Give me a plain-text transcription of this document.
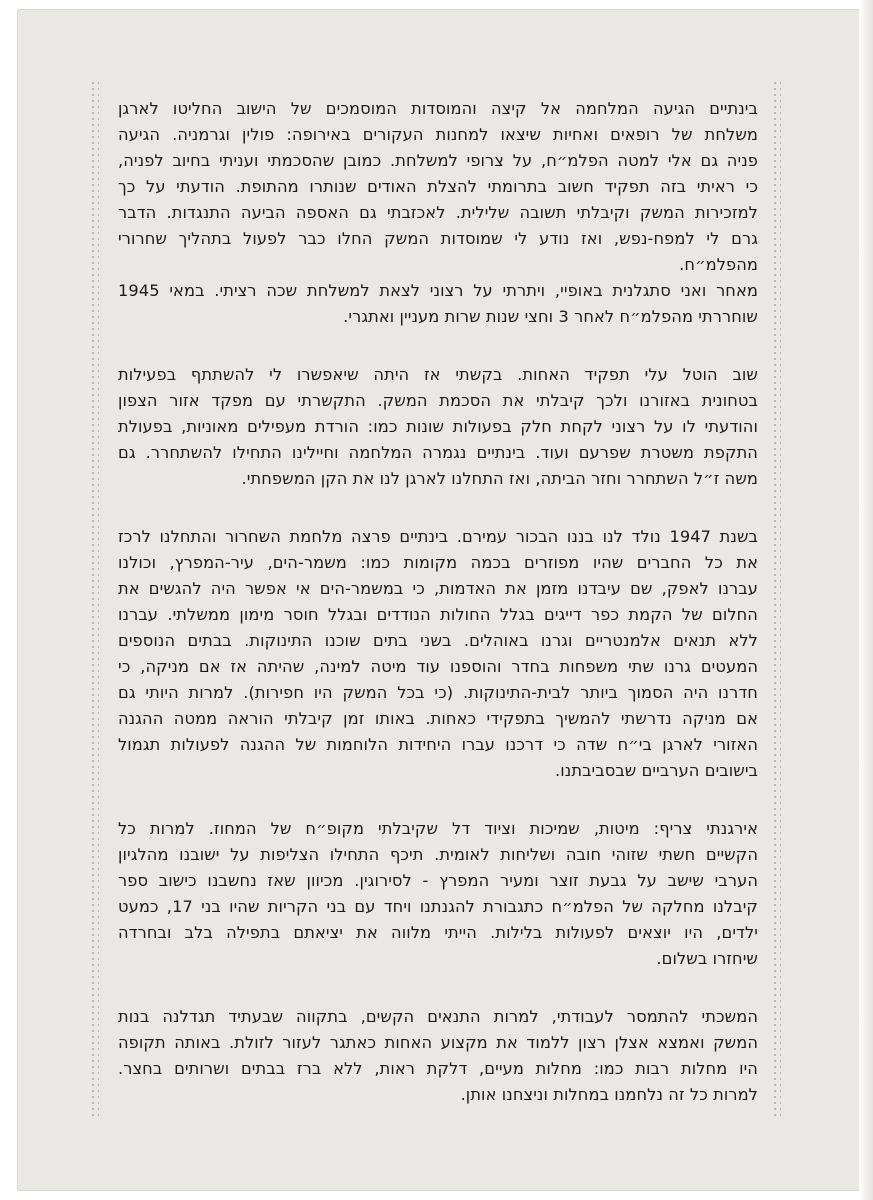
בינתיים הגיעה המלחמה אל קיצה והמוסדות המוסמכים של הישוב החליטו לארגן
משלחת של רופאים ואחיות שיצאו למחנות העקורים באירופה: פולין וגרמניה. הגיעה
פניה גם אלי למטה הפלמ״ח, על צרופי למשלחת. כמובן שהסכמתי ועניתי בחיוב לפניה,
כי ראיתי בזה תפקיד חשוב בתרומתי להצלת האודים שנותרו מהתופת. הודעתי על כך
למזכירות המשק וקיבלתי תשובה שלילית. לאכזבתי גם האספה הביעה התנגדות. הדבר
גרם לי למפח-נפש, ואז נודע לי שמוסדות המשק החלו כבר לפעול בתהליך שחרורי
מהפלמ״ח.

מאחר ואני סתגלנית באופיי, ויתרתי על רצוני לצאת למשלחת שכה רציתי. במאי 1945
שוחררתי מהפלמ״ח לאחר 3 וחצי שנות שרות מעניין ואתגרי.

שוב הוטל עלי תפקיד האחות. בקשתי אז היתה שיאפשרו לי להשתתף בפעילות
בטחונית באזורנו ולכך קיבלתי את הסכמת המשק. התקשרתי עם מפקד אזור הצפון
והודעתי לו על רצוני לקחת חלק בפעולות שונות כמו: הורדת מעפילים מאוניות, בפעולת
התקפת משטרת שפרעם ועוד. בינתיים נגמרה המלחמה וחיילינו התחילו להשתחרר. גם
משה ז״ל השתחרר וחזר הביתה, ואז התחלנו לארגן לנו את הקן המשפחתי.

בשנת 1947 נולד לנו בננו הבכור עמירם. בינתיים פרצה מלחמת השחרור והתחלנו לרכז
את כל החברים שהיו מפוזרים בכמה מקומות כמו: משמר-הים, עיר-המפרץ, וכולנו
עברנו לאפק, שם עיבדנו מזמן את האדמות, כי במשמר-הים אי אפשר היה להגשים את
החלום של הקמת כפר דייגים בגלל החולות הנודדים ובגלל חוסר מימון ממשלתי. עברנו
ללא תנאים אלמנטריים וגרנו באוהלים. בשני בתים שוכנו התינוקות. בבתים הנוספים
המעטים גרנו שתי משפחות בחדר והוספנו עוד מיטה למינה, שהיתה אז אם מניקה, כי
חדרנו היה הסמוך ביותר לבית-התינוקות. (כי בכל המשק היו חפירות). למרות היותי גם
אם מניקה נדרשתי להמשיך בתפקידי כאחות. באותו זמן קיבלתי הוראה ממטה ההגנה
האזורי לארגן בי״ח שדה כי דרכנו עברו היחידות הלוחמות של ההגנה לפעולות תגמול
בישובים הערביים שבסביבתנו.

אירגנתי צריף: מיטות, שמיכות וציוד דל שקיבלתי מקופ״ח של המחוז. למרות כל
הקשיים חשתי שזוהי חובה ושליחות לאומית. תיכף התחילו הצליפות על ישובנו מהלגיון
הערבי שישב על גבעת זוצר ומעיר המפרץ - לסירוגין. מכיוון שאז נחשבנו כישוב ספר
קיבלנו מחלקה של הפלמ״ח כתגבורת להגנתנו ויחד עם בני הקריות שהיו בני 17, כמעט
ילדים, היו יוצאים לפעולות בלילות. הייתי מלווה את יציאתם בתפילה בלב ובחרדה
שיחזרו בשלום.

המשכתי להתמסר לעבודתי, למרות התנאים הקשים, בתקווה שבעתיד תגדלנה בנות
המשק ואמצא אצלן רצון ללמוד את מקצוע האחות כאתגר לעזור לזולת. באותה תקופה
היו מחלות רבות כמו: מחלות מעיים, דלקת ראות, ללא ברז בבתים ושרותים בחצר.
למרות כל זה נלחמנו במחלות וניצחנו אותן.
